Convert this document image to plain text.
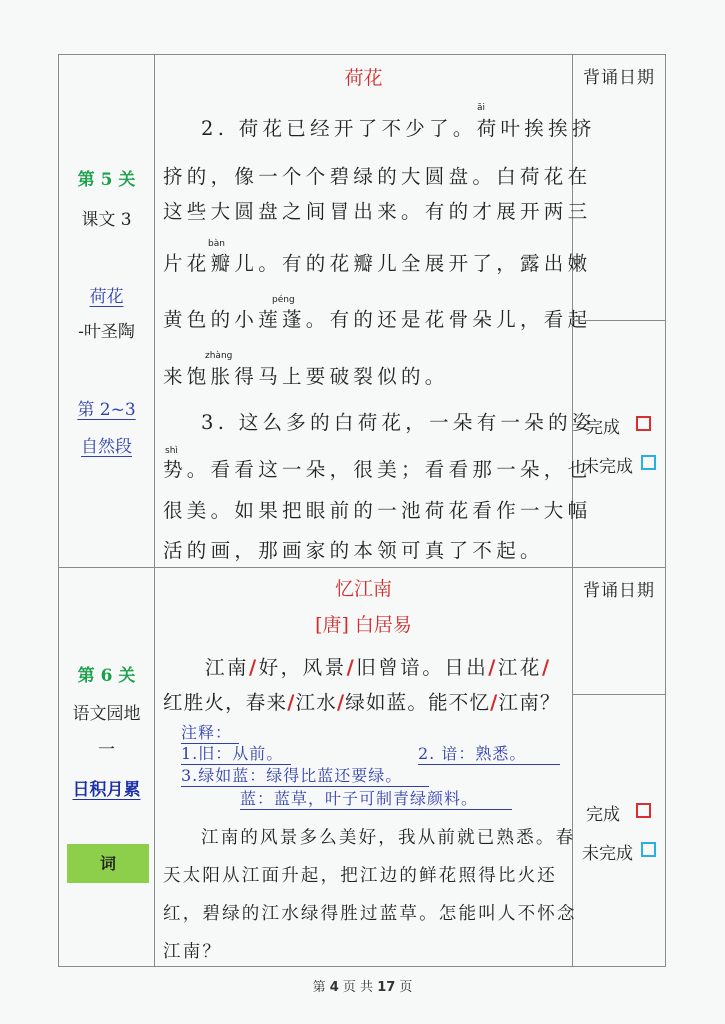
第 5 关
课文 3
荷花
-叶圣陶
第 2~3
自然段
荷花
āi
2. 荷花已经开了不少了。荷叶挨挨挤
挤的，像一个个碧绿的大圆盘。白荷花在
这些大圆盘之间冒出来。有的才展开两三
bàn
片花瓣儿。有的花瓣儿全展开了，露出嫩
péng
黄色的小莲蓬。有的还是花骨朵儿，看起
zhàng
来饱胀得马上要破裂似的。
3. 这么多的白荷花，一朵有一朵的姿
shì
势。看看这一朵，很美；看看那一朵，也
很美。如果把眼前的一池荷花看作一大幅
活的画，那画家的本领可真了不起。
背诵日期
完成
未完成
第 6 关
语文园地
一
日积月累
词
忆江南
[唐] 白居易
江南/好，风景/旧曾谙。日出/江花/
红胜火，春来/江水/绿如蓝。能不忆/江南？
注释：
1.旧：从前。	2. 谙：熟悉。
3.绿如蓝：绿得比蓝还要绿。
蓝：蓝草，叶子可制青绿颜料。
江南的风景多么美好，我从前就已熟悉。春
天太阳从江面升起，把江边的鲜花照得比火还
红，碧绿的江水绿得胜过蓝草。怎能叫人不怀念
江南？
背诵日期
完成
未完成
第 4 页 共 17 页
